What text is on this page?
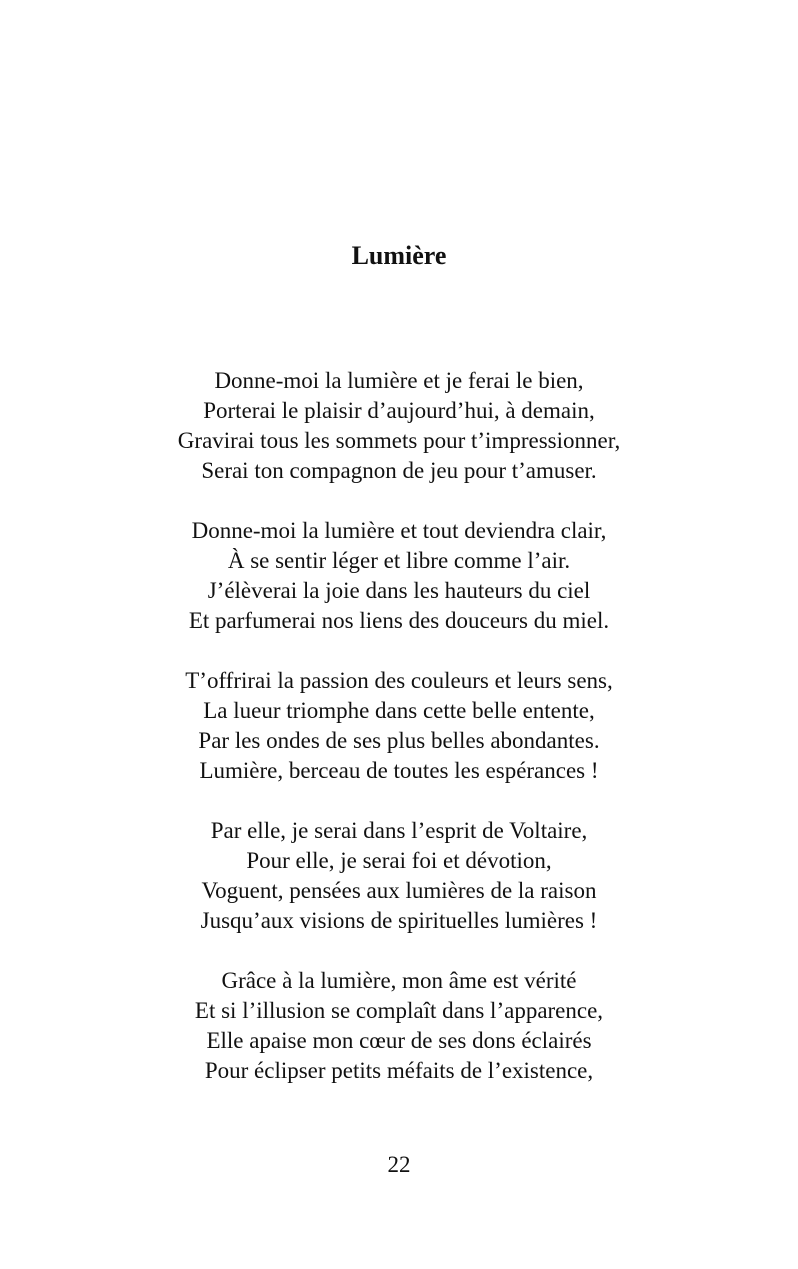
Lumière
Donne-moi la lumière et je ferai le bien,
Porterai le plaisir d’aujourd’hui, à demain,
Gravirai tous les sommets pour t’impressionner,
Serai ton compagnon de jeu pour t’amuser.
Donne-moi la lumière et tout deviendra clair,
À se sentir léger et libre comme l’air.
J’élèverai la joie dans les hauteurs du ciel
Et parfumerai nos liens des douceurs du miel.
T’offrirai la passion des couleurs et leurs sens,
La lueur triomphe dans cette belle entente,
Par les ondes de ses plus belles abondantes.
Lumière, berceau de toutes les espérances !
Par elle, je serai dans l’esprit de Voltaire,
Pour elle, je serai foi et dévotion,
Voguent, pensées aux lumières de la raison
Jusqu’aux visions de spirituelles lumières !
Grâce à la lumière, mon âme est vérité
Et si l’illusion se complaît dans l’apparence,
Elle apaise mon cœur de ses dons éclairés
Pour éclipser petits méfaits de l’existence,
22
